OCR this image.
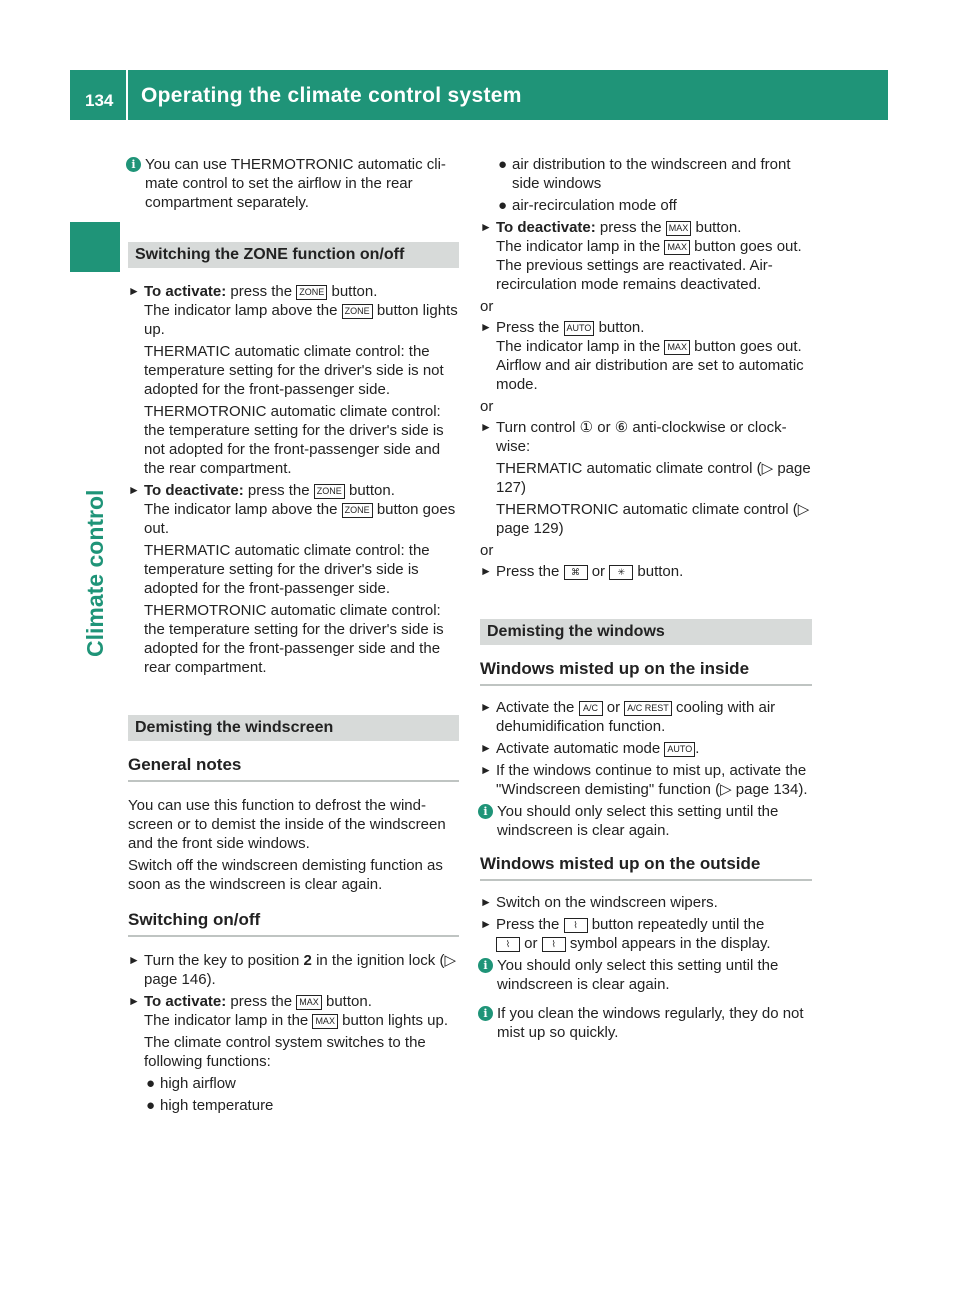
134 Operating the climate control system
Climate control

i You can use THERMOTRONIC automatic cli-mate control to set the airflow in the rear compartment separately.

Switching the ZONE function on/off
► To activate: press the ZONE button.
The indicator lamp above the ZONE button lights up.

THERMATIC automatic climate control: the temperature setting for the driver's side is not adopted for the front-passenger side.

THERMOTRONIC automatic climate control: the temperature setting for the driver's side is not adopted for the front-passenger side and the rear compartment.

► To deactivate: press the ZONE button.
The indicator lamp above the ZONE button goes out.

THERMATIC automatic climate control: the temperature setting for the driver's side is adopted for the front-passenger side.

THERMOTRONIC automatic climate control: the temperature setting for the driver's side is adopted for the front-passenger side and the rear compartment.

Demisting the windscreen
General notes

You can use this function to defrost the wind-screen or to demist the inside of the windscreen and the front side windows.

Switch off the windscreen demisting function as soon as the windscreen is clear again.

Switching on/off
► Turn the key to position 2 in the ignition lock (▷ page 146).
► To activate: press the MAX button.
The indicator lamp in the MAX button lights up.

The climate control system switches to the following functions:

● high airflow
● high temperature
● air distribution to the windscreen and front side windows
● air-recirculation mode off
► To deactivate: press the MAX button.
The indicator lamp in the MAX button goes out. The previous settings are reactivated. Air-recirculation mode remains deactivated.

or

► Press the AUTO button.
The indicator lamp in the MAX button goes out. Airflow and air distribution are set to automatic mode.

or

► Turn control ① or ⑥ anti-clockwise or clock-wise:

THERMATIC automatic climate control (▷ page 127)

THERMOTRONIC automatic climate control (▷ page 129)

or

► Press the ⌘ or ✳ button.
Demisting the windows
Windows misted up on the inside
► Activate the A/C or A/C REST cooling with air dehumidification function.
► Activate automatic mode AUTO .
► If the windows continue to mist up, activate the "Windscreen demisting" function (▷ page 134).

i You should only select this setting until the windscreen is clear again.

Windows misted up on the outside
► Switch on the windscreen wipers.
► Press the ⌇ button repeatedly until the
⌇ or ⌇ symbol appears in the display.

i You should only select this setting until the windscreen is clear again.

i If you clean the windows regularly, they do not mist up so quickly.
